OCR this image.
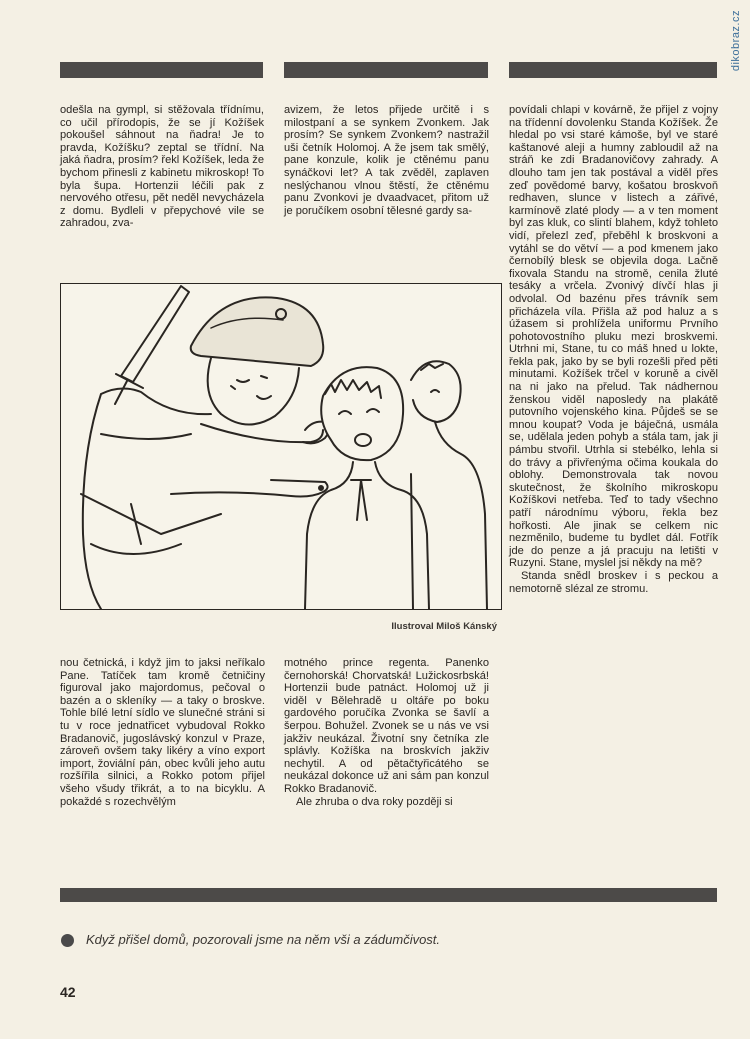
dikobraz.cz

odešla na gympl, si stěžovala třídnímu, co učil přírodopis, že se jí Kožíšek pokoušel sáhnout na ňadra! Je to pravda, Kožíšku? zeptal se třídní. Na jaká ňadra, prosím? řekl Kožíšek, leda že bychom přinesli z kabinetu mikroskop! To byla šupa. Hortenzii léčili pak z nervového otřesu, pět neděl nevycházela z domu. Bydleli v přepychové vile se zahradou, zva-

avizem, že letos přijede určitě i s milostpaní a se synkem Zvonkem. Jak prosím? Se synkem Zvonkem? nastražil uši četník Holomoj. A že jsem tak smělý, pane konzule, kolik je ctěnému panu synáčkovi let? A tak zvěděl, zaplaven neslýchanou vlnou štěstí, že ctěnému panu Zvonkovi je dvaadvacet, přitom už je poručíkem osobní tělesné gardy sa-

Ilustroval Miloš Kánský

nou četnická, i když jim to jaksi neříkalo Pane. Tatíček tam kromě četničiny figuroval jako majordomus, pečoval o bazén a o skleníky — a taky o broskve. Tohle bílé letní sídlo ve slunečné stráni si tu v roce jednatřicet vybudoval Rokko Bradanovič, jugoslávský konzul v Praze, zároveň ovšem taky likéry a víno export import, žoviální pán, obec kvůli jeho autu rozšířila silnici, a Rokko potom přijel všeho všudy třikrát, a to na bicyklu. A pokaždé s rozechvělým

motného prince regenta. Panenko černohorská! Chorvatská! Lužickosrbská! Hortenzii bude patnáct. Holomoj už ji viděl v Bělehradě u oltáře po boku gardového poručíka Zvonka se šavlí a šerpou. Bohužel. Zvonek se u nás ve vsi jakživ neukázal. Životní sny četníka zle splávly. Kožíška na broskvích jakživ nechytil. A od pětačtyřicátého se neukázal dokonce už ani sám pan konzul Rokko Bradanovič.

Ale zhruba o dva roky později si

povídali chlapi v kovárně, že přijel z vojny na třídenní dovolenku Standa Kožíšek. Že hledal po vsi staré kámoše, byl ve staré kaštanové aleji a humny zabloudil až na stráň ke zdi Bradanovičovy zahrady. A dlouho tam jen tak postával a viděl přes zeď povědomé barvy, košatou broskvoň redhaven, slunce v listech a zářivé, karmínově zlaté plody — a v ten moment byl zas kluk, co slintí blahem, když tohleto vidí, přelezl zeď, přeběhl k broskvoni a vytáhl se do větví — a pod kmenem jako černobílý blesk se objevila doga. Lačně fixovala Standu na stromě, cenila žluté tesáky a vrčela. Zvonivý dívčí hlas ji odvolal. Od bazénu přes trávník sem přicházela víla. Přišla až pod haluz a s úžasem si prohlížela uniformu Prvního pohotovostního pluku mezi broskvemi. Utrhni mi, Stane, tu co máš hned u lokte, řekla pak, jako by se byli rozešli před pěti minutami. Kožíšek trčel v koruně a civěl na ni jako na přelud. Tak nádhernou ženskou viděl naposledy na plakátě putovního vojenského kina. Půjdeš se se mnou koupat? Voda je báječná, usmála se, udělala jeden pohyb a stála tam, jak ji pámbu stvořil. Utrhla si stebélko, lehla si do trávy a přivřenýma očima koukala do oblohy. Demonstrovala tak novou skutečnost, že školního mikroskopu Kožíškovi netřeba. Teď to tady všechno patří národnímu výboru, řekla bez hořkosti. Ale jinak se celkem nic nezměnilo, budeme tu bydlet dál. Fotřík jde do penze a já pracuju na letišti v Ruzyni. Stane, myslel jsi někdy na mě?

Standa snědl broskev i s peckou a nemotorně slézal ze stromu.

Když přišel domů, pozorovali jsme na něm vši a zádumčivost.
42
